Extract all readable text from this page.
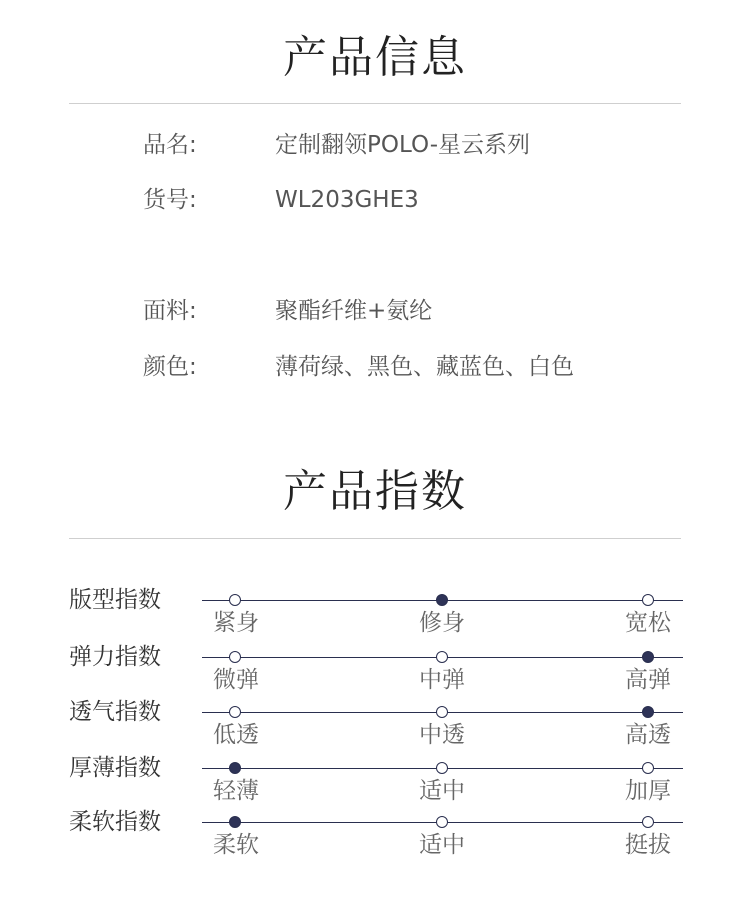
产品信息
品名:	定制翻领POLO-星云系列
货号:	WL203GHE3
面料:	聚酯纤维+氨纶
颜色:	薄荷绿、黑色、藏蓝色、白色
产品指数
版型指数
紧身	修身	宽松
弹力指数
微弹	中弹	高弹
透气指数
低透	中透	高透
厚薄指数
轻薄	适中	加厚
柔软指数
柔软	适中	挺拔
